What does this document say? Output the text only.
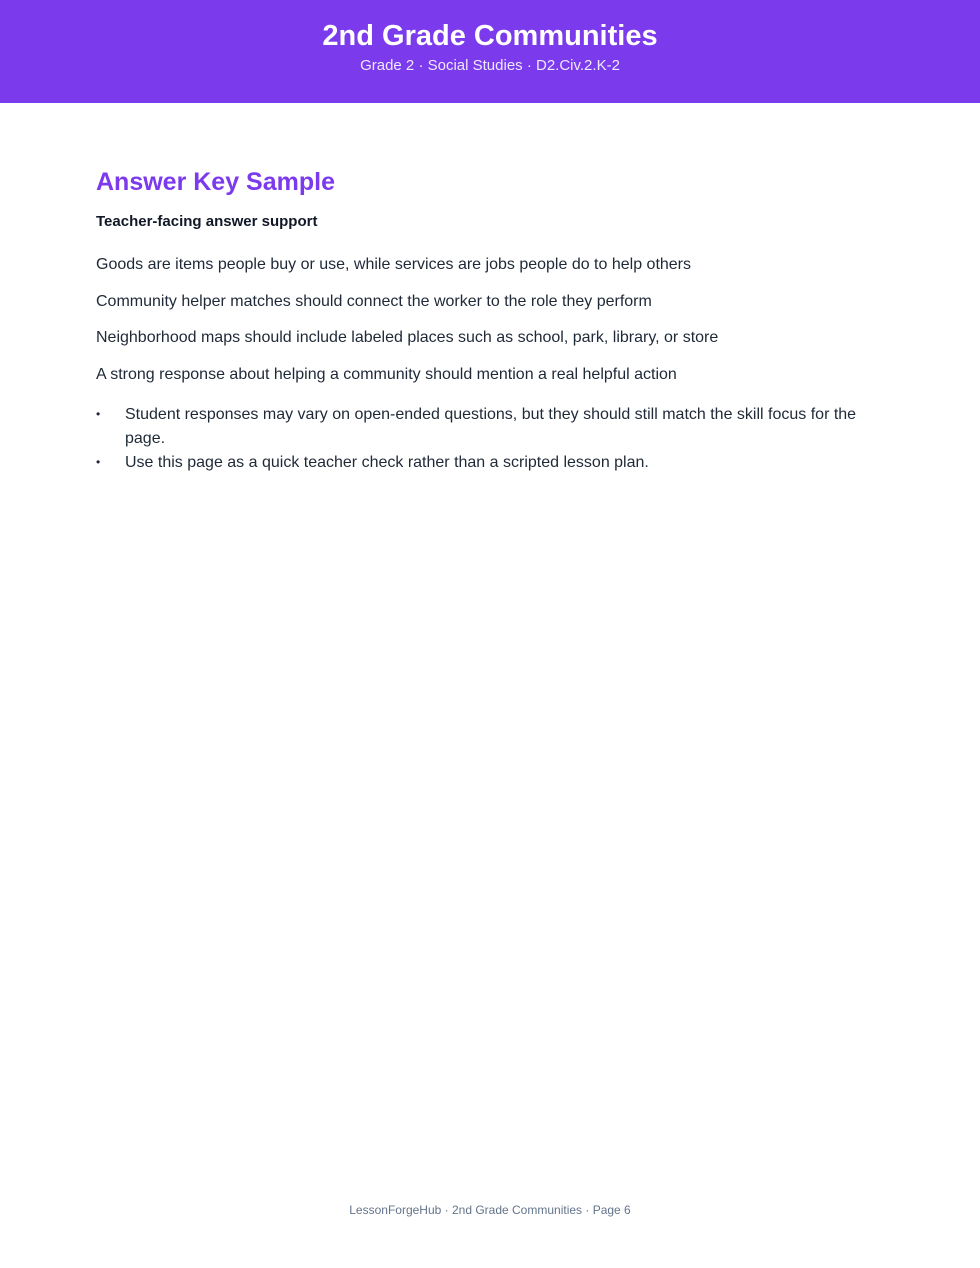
2nd Grade Communities
Grade 2 · Social Studies · D2.Civ.2.K-2
Answer Key Sample
Teacher-facing answer support
Goods are items people buy or use, while services are jobs people do to help others
Community helper matches should connect the worker to the role they perform
Neighborhood maps should include labeled places such as school, park, library, or store
A strong response about helping a community should mention a real helpful action
•	Student responses may vary on open-ended questions, but they should still match the skill focus for the page.
•	Use this page as a quick teacher check rather than a scripted lesson plan.
LessonForgeHub · 2nd Grade Communities · Page 6
